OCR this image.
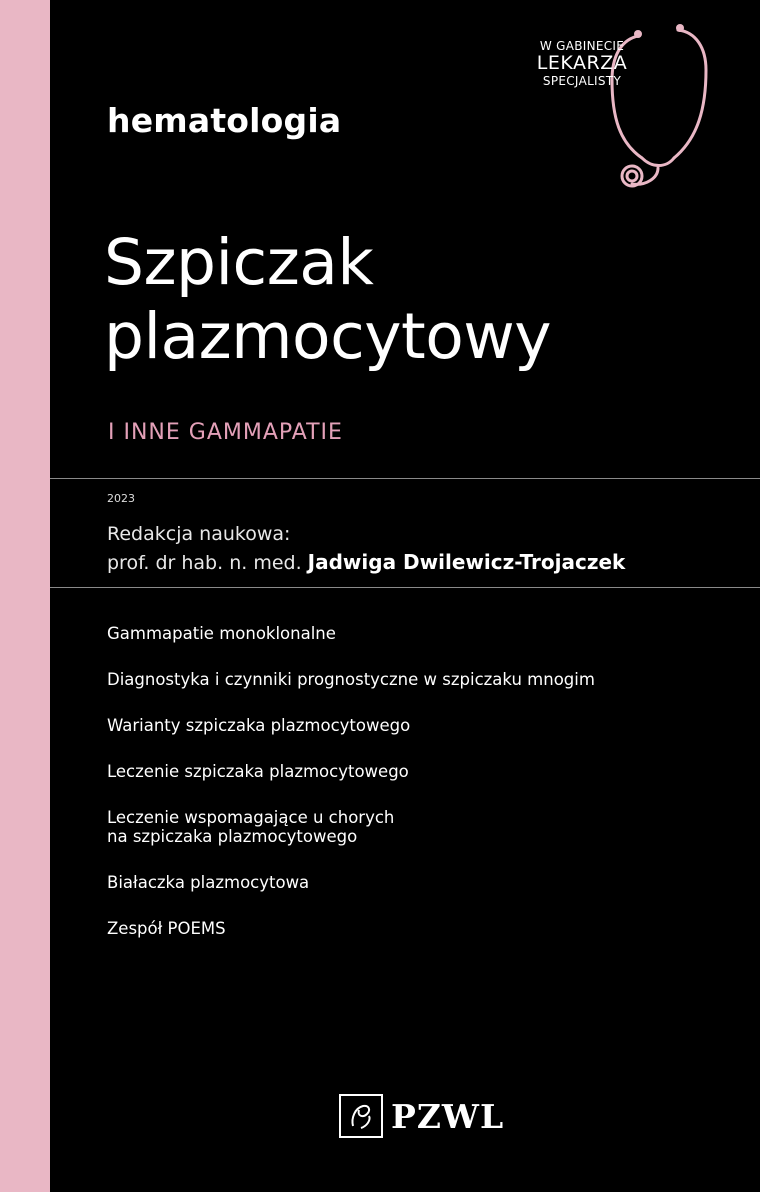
hematologia
W GABINECIE
LEKARZA
SPECJALISTY
Szpiczak
plazmocytowy
I INNE GAMMAPATIE
2023
Redakcja naukowa:
prof. dr hab. n. med. Jadwiga Dwilewicz-Trojaczek
Gammapatie monoklonalne
Diagnostyka i czynniki prognostyczne w szpiczaku mnogim
Warianty szpiczaka plazmocytowego
Leczenie szpiczaka plazmocytowego
Leczenie wspomagające u chorych
na szpiczaka plazmocytowego
Białaczka plazmocytowa
Zespół POEMS
PZWL
